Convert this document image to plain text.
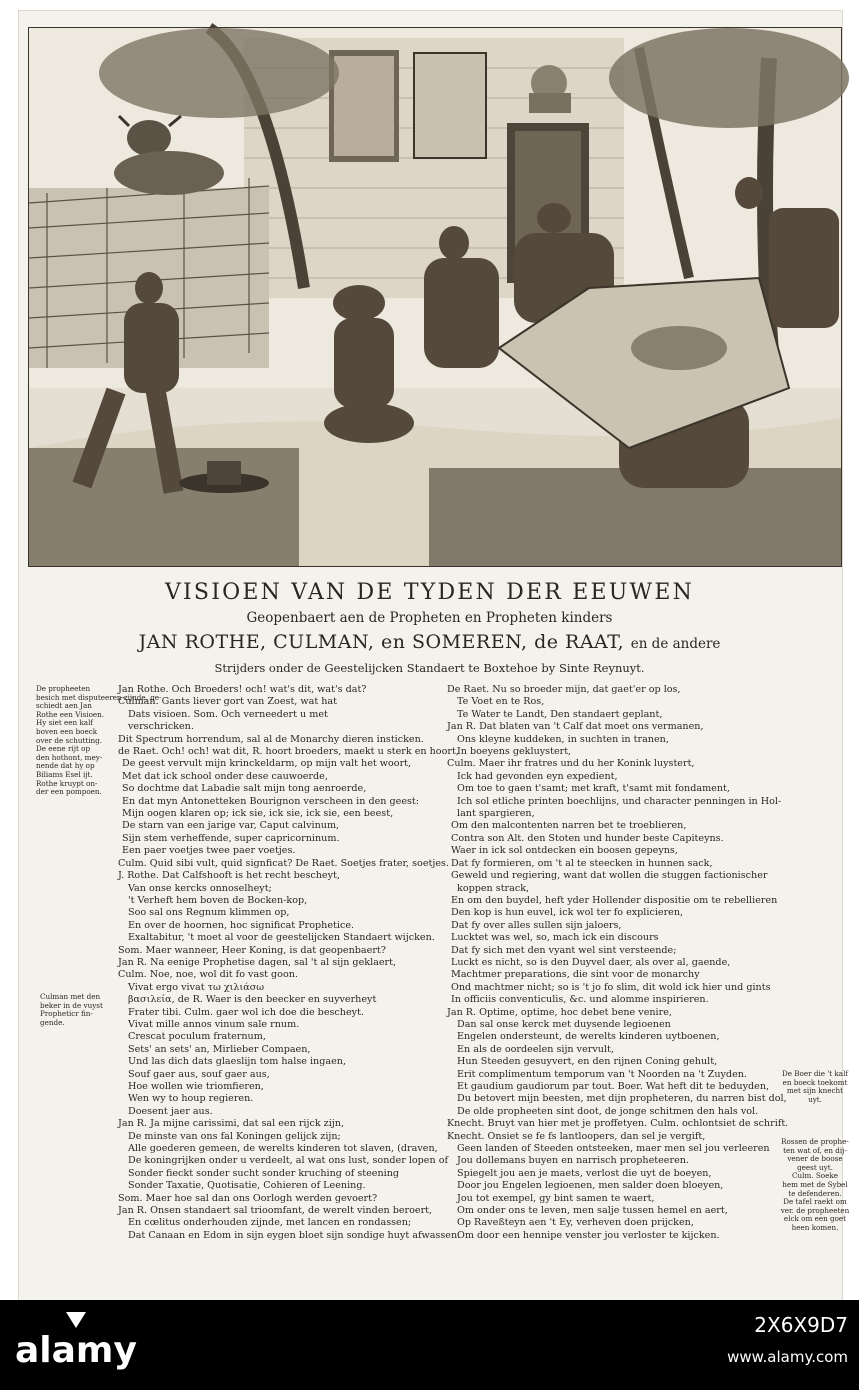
VISIOEN VAN DE TYDEN DER EEUWEN
Geopenbaert aen de Propheten en Propheten kinders
JAN ROTHE, CULMAN, en SOMEREN, de RAAT, en de andere
Strijders onder de Geestelijcken Standaert te Boxtehoe by Sinte Reynuyt.
De propheeten
besich met disputeeren zijnde, ge-
schiedt aen Jan
Rothe een Visioen.
Hy siet een kalf
boven een boeck
over de schutting.
De eene rijt op
den hothont, mey-
nende dat hy op
Biliams Esel ijt.
Rothe kruypt on-
der een pompoen.
Culman met den
beker in de vuyst
Propheticr fin-
gende.
De Boer die 't kalf
en boeck toekomt
met sijn knecht
uyt.
Rossen de prophe-
ten wat of, en dij-
vener de boose
geest uyt.
Culm. Soeke
hem met de Sybel
te defenderen.
De tafel raekt om
ver. de propheeten
elck om een goet
heen komen.
Jan Rothe. Och Broeders! och! wat's dit, wat's dat?
Culman. Gants liever gort van Zoest, wat hat
Dats visioen. Som. Och verneedert u met
verschricken.
Dit Spectrum horrendum, sal al de Monarchy dieren insticken.
de Raet. Och! och! wat dit, R. hoort broeders, maekt u sterk en hoort,
De geest vervult mijn krinckeldarm, op mijn valt het woort,
Met dat ick school onder dese cauwoerde,
So dochtme dat Labadie salt mijn tong aenroerde,
En dat myn Antonetteken Bourignon verscheen in den geest:
Mijn oogen klaren op; ick sie, ick sie, ick sie, een beest,
De starn van een jarige var, Caput calvinum,
Sijn stem verheffende, super capricorninum.
Een paer voetjes twee paer voetjes.
Culm. Quid sibi vult, quid signficat? De Raet. Soetjes frater, soetjes.
J. Rothe. Dat Calfshooft is het recht bescheyt,
Van onse kercks onnoselheyt;
't Verheft hem boven de Bocken-kop,
Soo sal ons Regnum klimmen op,
En over de hoornen, hoc significat Prophetice.
Exaltabitur, 't moet al voor de geestelijcken Standaert wijcken.
Som. Maer wanneer, Heer Koning, is dat geopenbaert?
Jan R. Na eenige Prophetise dagen, sal 't al sijn geklaert,
Culm. Noe, noe, wol dit fo vast goon.
Vivat ergo vivat τω χιλιάσω
βασιλεία, de R. Waer is den beecker en suyverheyt
Frater tibi. Culm. gaer wol ich doe die bescheyt.
Vivat mille annos vinum sale rnum.
Crescat poculum fraternum,
Sets' an sets' an, Mirlieber Compaen,
Und las dich dats glaeslijn tom halse ingaen,
Souf gaer aus, souf gaer aus,
Hoe wollen wie triomfieren,
Wen wy to houp regieren.
Doesent jaer aus.
Jan R. Ja mijne carissimi, dat sal een rijck zijn,
De minste van ons fal Koningen gelijck zijn;
Alle goederen gemeen, de werelts kinderen tot slaven, (draven,
De koningrijken onder u verdeelt, al wat ons lust, sonder lopen of
Sonder fieckt sonder sucht sonder kruching of steening
Sonder Taxatie, Quotisatie, Cohieren of Leening.
Som. Maer hoe sal dan ons Oorlogh werden gevoert?
Jan R. Onsen standaert sal trioomfant, de werelt vinden beroert,
En cœlitus onderhouden zijnde, met lancen en rondassen;
Dat Canaan en Edom in sijn eygen bloet sijn sondige huyt afwassen.
De Raet. Nu so broeder mijn, dat gaet'er op los,
Te Voet en te Ros,
Te Water te Landt, Den standaert geplant,
Jan R. Dat blaten van 't Calf dat moet ons vermanen,
Ons kleyne kuddeken, in suchten in tranen,
In boeyens gekluystert,
Culm. Maer ihr fratres und du her Konink luystert,
Ick had gevonden eyn expedient,
Om toe to gaen t'samt; met kraft, t'samt mit fondament,
Ich sol etliche printen boechlijns, und character penningen in Hol-
lant spargieren,
Om den malcontenten narren bet te troeblieren,
Contra son Alt. den Stoten und hunder beste Capiteyns.
Waer in ick sol ontdecken ein boosen gepeyns,
Dat fy formieren, om 't al te steecken in hunnen sack,
Geweld und regiering, want dat wollen die stuggen factionischer
koppen strack,
En om den buydel, heft yder Hollender dispositie om te rebellieren
Den kop is hun euvel, ick wol ter fo explicieren,
Dat fy over alles sullen sijn jaloers,
Lucktet was wel, so, mach ick ein discours
Dat fy sich met den vyant wel sint versteende;
Luckt es nicht, so is den Duyvel daer, als over al, gaende,
Machtmer preparations, die sint voor de monarchy
Ond machtmer nicht; so is 't jo fo slim, dit wold ick hier und gints
In officiis conventiculis, &c. und alomme inspirieren.
Jan R. Optime, optime, hoc debet bene venire,
Dan sal onse kerck met duysende legioenen
Engelen ondersteunt, de werelts kinderen uytboenen,
En als de oordeelen sijn vervult,
Hun Steeden gesuyvert, en den rijnen Coning gehult,
Erit complimentum temporum van 't Noorden na 't Zuyden.
Et gaudium gaudiorum par tout. Boer. Wat heft dit te beduyden,
Du betovert mijn beesten, met dijn propheteren, du narren bist dol,
De olde propheeten sint doot, de jonge schitmen den hals vol.
Knecht. Bruyt van hier met je proffetyen. Culm. ochlontsiet de schrift.
Knecht. Onsiet se fe fs lantloopers, dan sel je vergift,
Geen landen of Steeden ontsteeken, maer men sel jou verleeren
Jou dollemans buyen en narrisch propheteeren.
Spiegelt jou aen je maets, verlost die uyt de boeyen,
Door jou Engelen legioenen, men salder doen bloeyen,
Jou tot exempel, gy bint samen te waert,
Om onder ons te leven, men salje tussen hemel en aert,
Op Raveßteyn aen 't Ey, verheven doen prijcken,
Om door een hennipe venster jou verloster te kijcken.
alamy
2X6X9D7
www.alamy.com
